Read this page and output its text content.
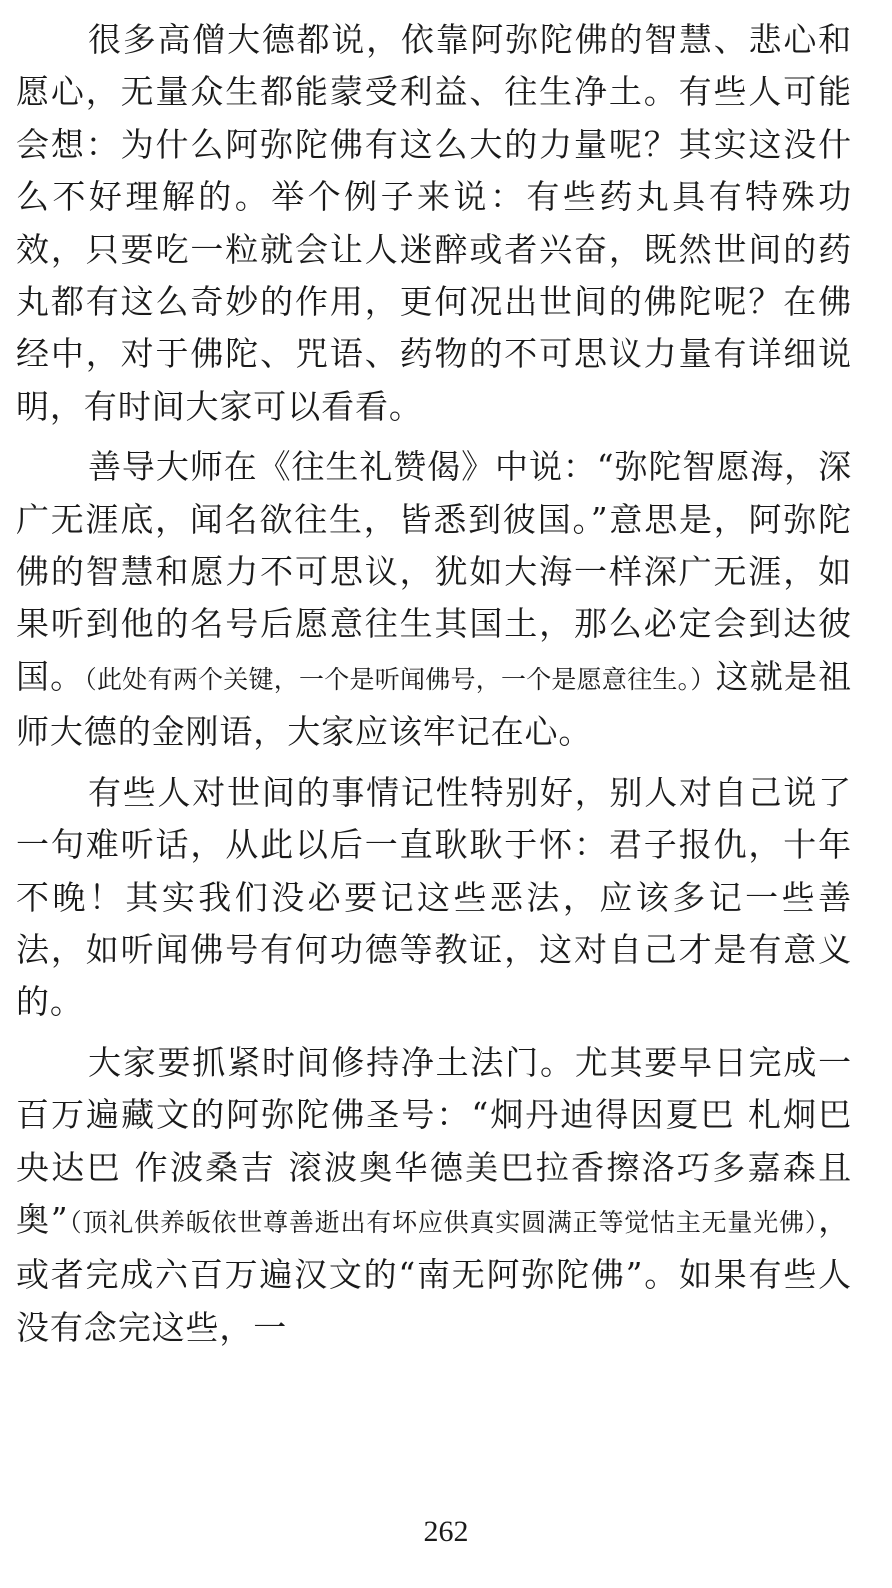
很多高僧大德都说，依靠阿弥陀佛的智慧、悲心和愿心，无量众生都能蒙受利益、往生净土。有些人可能会想：为什么阿弥陀佛有这么大的力量呢？其实这没什么不好理解的。举个例子来说：有些药丸具有特殊功效，只要吃一粒就会让人迷醉或者兴奋，既然世间的药丸都有这么奇妙的作用，更何况出世间的佛陀呢？在佛经中，对于佛陀、咒语、药物的不可思议力量有详细说明，有时间大家可以看看。

善导大师在《往生礼赞偈》中说：“弥陀智愿海，深广无涯底，闻名欲往生，皆悉到彼国。”意思是，阿弥陀佛的智慧和愿力不可思议，犹如大海一样深广无涯，如果听到他的名号后愿意往生其国土，那么必定会到达彼国。（此处有两个关键，一个是听闻佛号，一个是愿意往生。）这就是祖师大德的金刚语，大家应该牢记在心。

有些人对世间的事情记性特别好，别人对自己说了一句难听话，从此以后一直耿耿于怀：君子报仇，十年不晚！其实我们没必要记这些恶法，应该多记一些善法，如听闻佛号有何功德等教证，这对自己才是有意义的。

大家要抓紧时间修持净土法门。尤其要早日完成一百万遍藏文的阿弥陀佛圣号：“炯丹迪得因夏巴 札炯巴央达巴 作波桑吉 滚波奥华德美巴拉香擦洛巧多嘉森且奥”（顶礼供养皈依世尊善逝出有坏应供真实圆满正等觉怙主无量光佛），或者完成六百万遍汉文的“南无阿弥陀佛”。如果有些人没有念完这些，一

262
